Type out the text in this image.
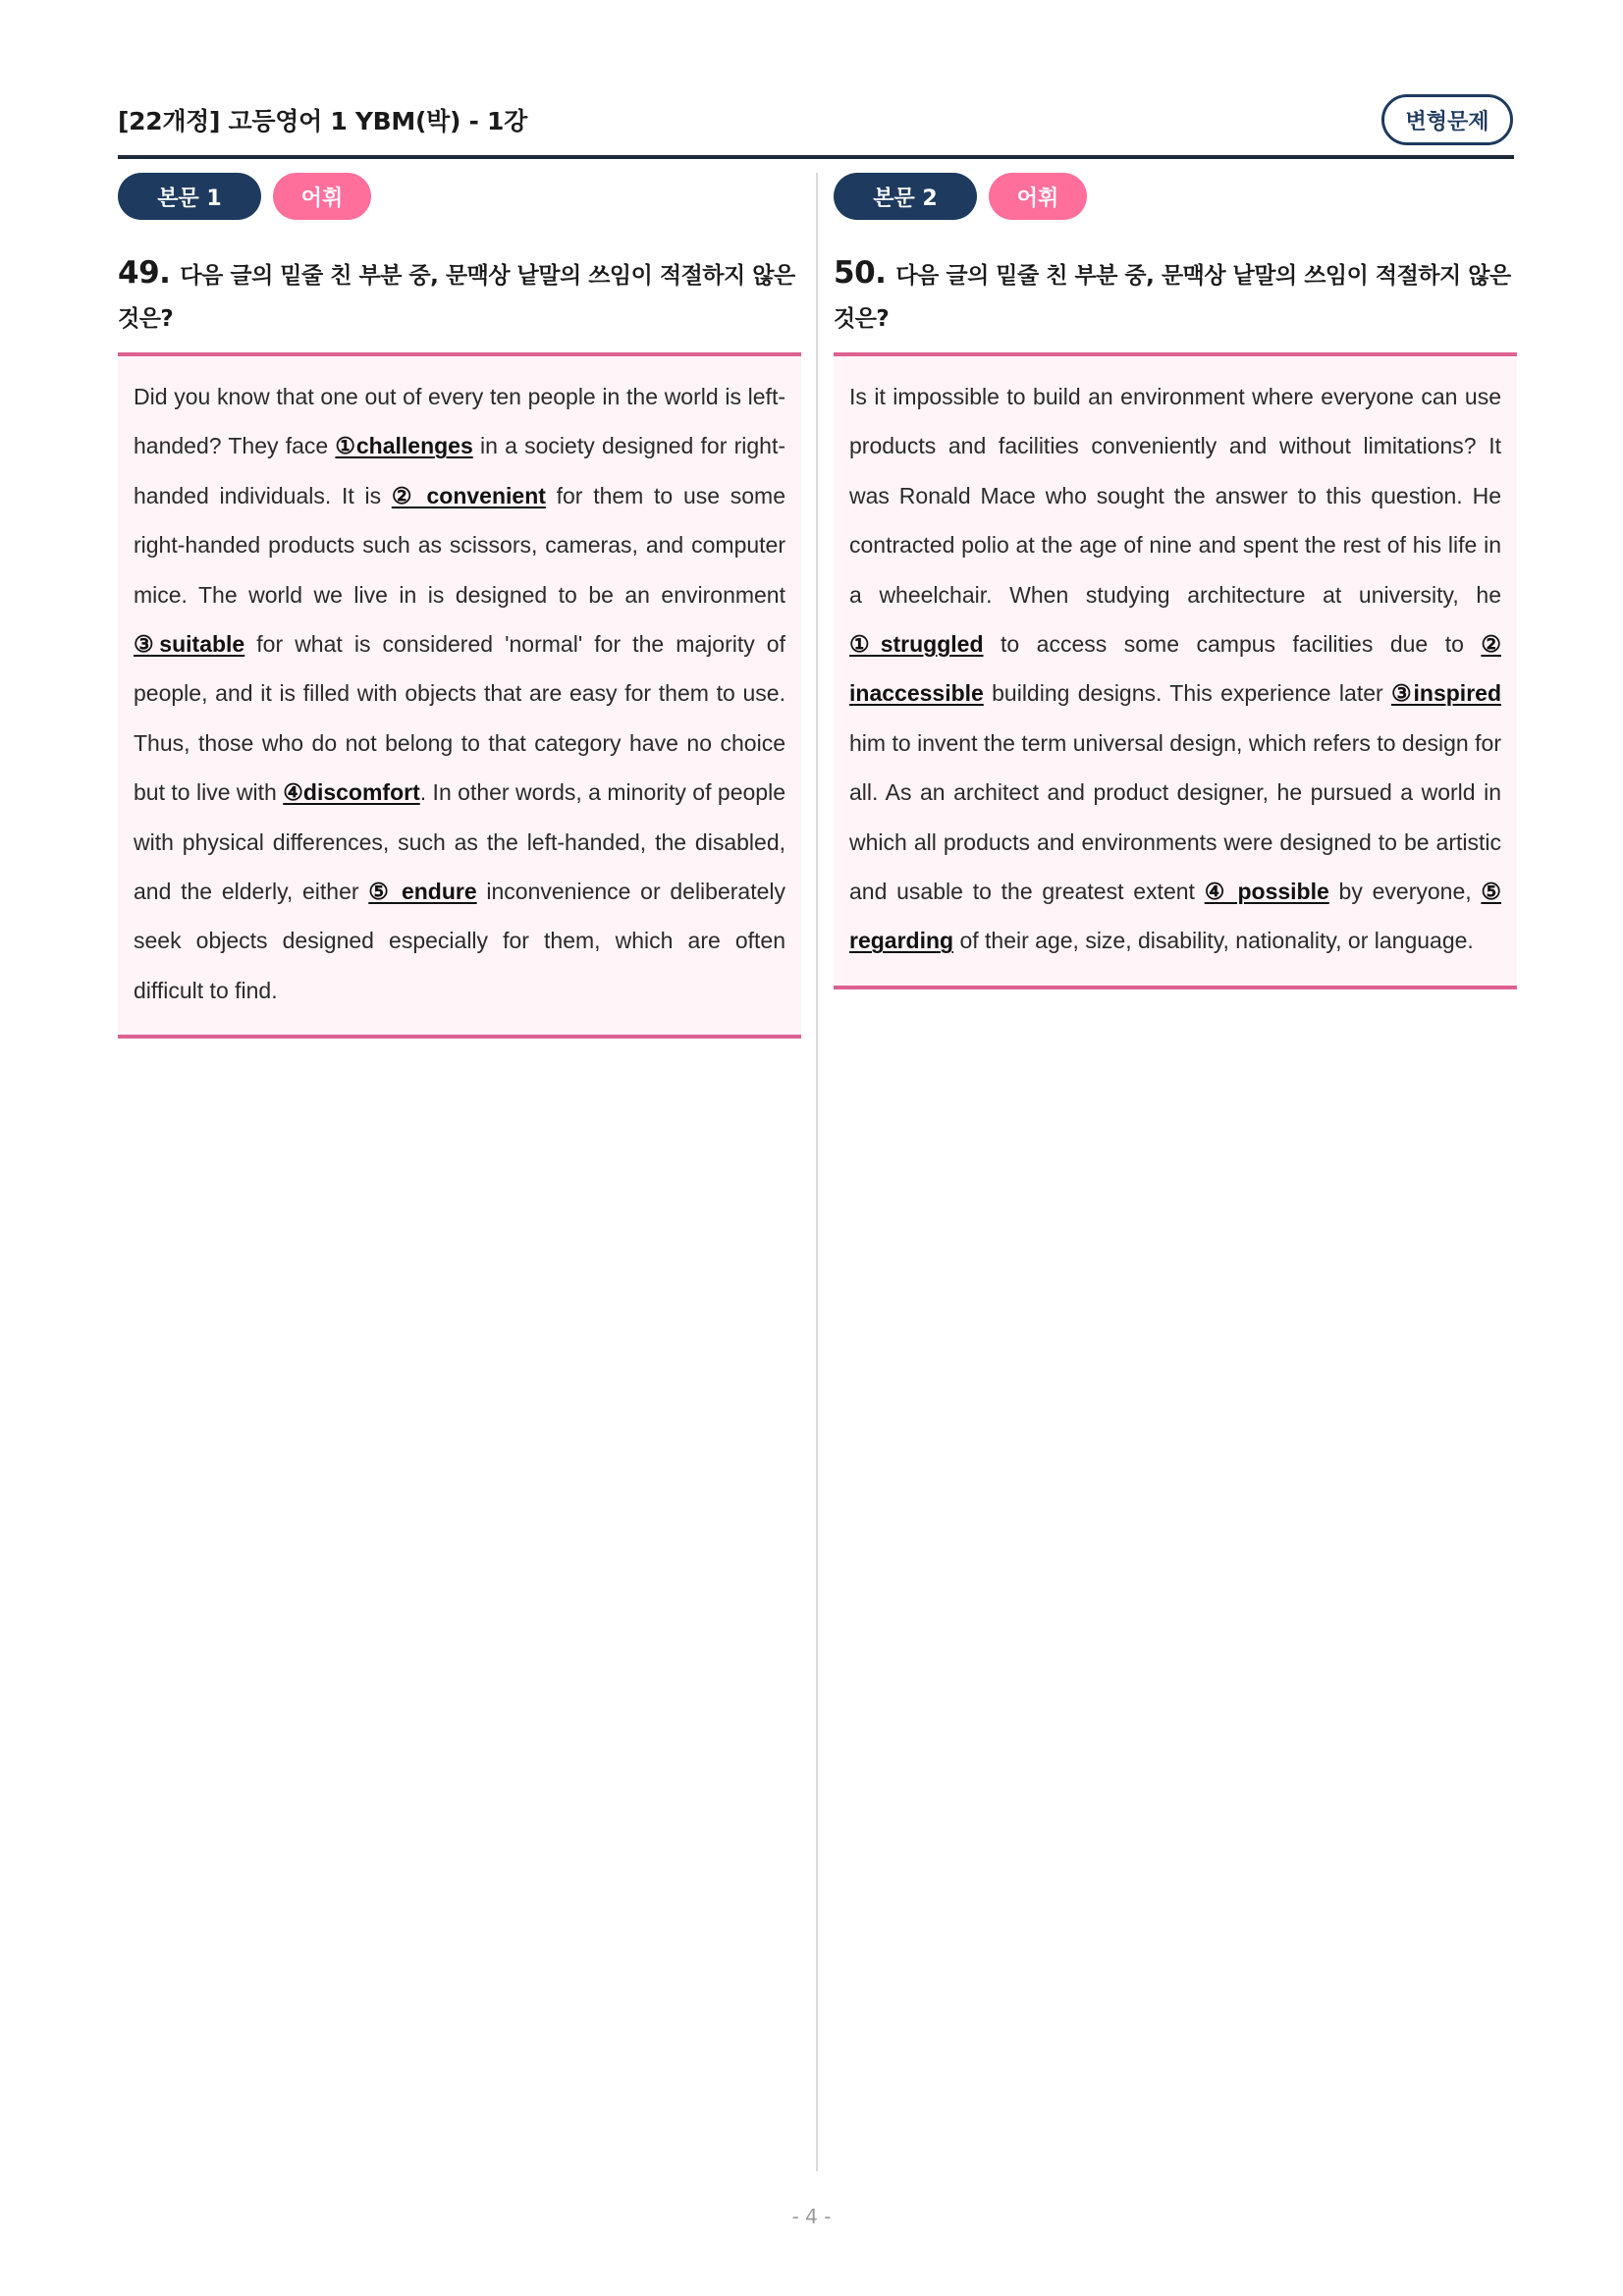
[22개정] 고등영어 1 YBM(박) - 1강	변형문제
본문 1	어휘
49. 다음 글의 밑줄 친 부분 중, 문맥상 낱말의 쓰임이 적절하지 않은 것은?
Did you know that one out of every ten people in the world is left-handed? They face ①challenges in a society designed for right-handed individuals. It is ② convenient for them to use some right-handed products such as scissors, cameras, and computer mice. The world we live in is designed to be an environment ③suitable for what is considered 'normal' for the majority of people, and it is filled with objects that are easy for them to use. Thus, those who do not belong to that category have no choice but to live with ④discomfort. In other words, a minority of people with physical differences, such as the left-handed, the disabled, and the elderly, either ⑤ endure inconvenience or deliberately seek objects designed especially for them, which are often difficult to find.
본문 2	어휘
50. 다음 글의 밑줄 친 부분 중, 문맥상 낱말의 쓰임이 적절하지 않은 것은?
Is it impossible to build an environment where everyone can use products and facilities conveniently and without limitations? It was Ronald Mace who sought the answer to this question. He contracted polio at the age of nine and spent the rest of his life in a wheelchair. When studying architecture at university, he ①struggled to access some campus facilities due to ② inaccessible building designs. This experience later ③inspired him to invent the term universal design, which refers to design for all. As an architect and product designer, he pursued a world in which all products and environments were designed to be artistic and usable to the greatest extent ④ possible by everyone, ⑤ regarding of their age, size, disability, nationality, or language.
- 4 -
